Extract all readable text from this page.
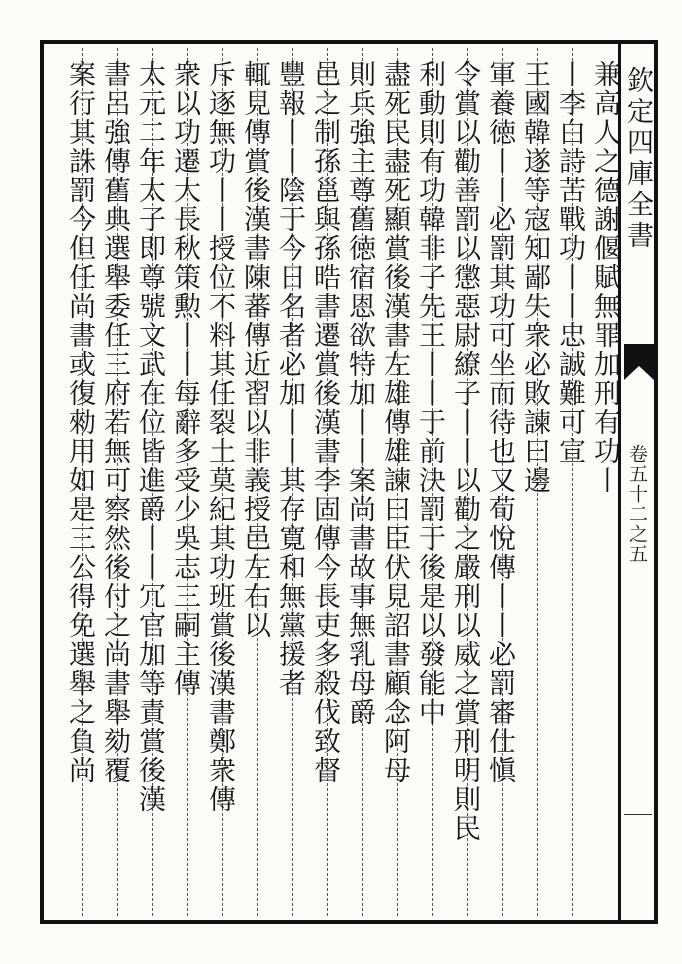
兼高人之德謝偃賦無罪加刑有功丨
丨李白詩苦戰功丨丨忠誠難可宣
王國韓遂等寇知鄙失衆必敗諫曰邊
軍養徳丨丨必罰其功可坐而待也又荀悅傳丨丨必罰審仕愼
令賞以勸善罰以懲惡尉繚子丨丨以勸之嚴刑以威之賞刑明則民
利動則有功韓非子先王丨丨于前決罰于後是以發能中
盡死民盡死顯賞後漢書左雄傳雄諫曰臣伏見詔書顧念阿母
則兵強主尊舊徳宿恩欲特加丨丨案尚書故事無乳母爵
邑之制孫邕與孫晧書遷賞後漢書李固傳今長吏多殺伐致督
豐報丨丨陰于今日名者必加丨丨其存寛和無黨援者
輒見傳賞後漢書陳蕃傳近習以非義授邑左右以
斥逐無功丨丨授位不料其任裂土莫紀其功班賞後漢書鄭衆傳
衆以功遷大長秋策勲丨丨每辭多受少吳志三嗣主傳
太元二年太子即尊號文武在位皆進爵丨丨冗官加等責賞後漢
書呂強傳舊典選舉委任三府若無可察然後付之尚書舉劾覆
案行其誅罰今但任尚書或復勑用如是三公得免選舉之負尚	欽定四庫全書
卷五十二之五
